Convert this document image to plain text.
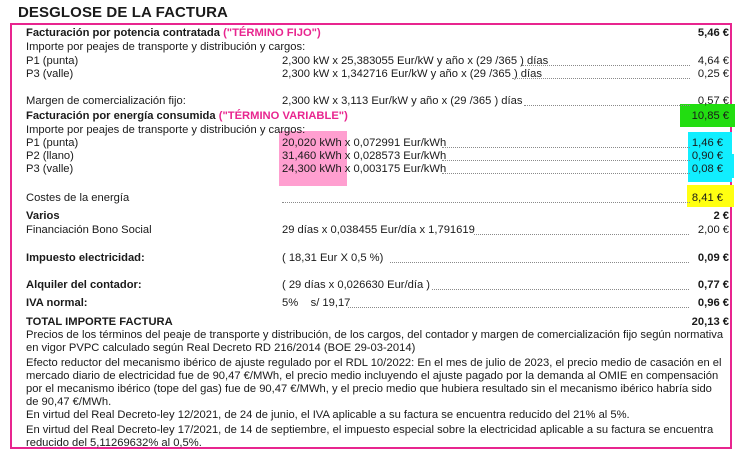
DESGLOSE DE LA FACTURA
Facturación por potencia contratada ("TÉRMINO FIJO")	5,46 €
Importe por peajes de transporte y distribución y cargos:
P1 (punta)	2,300 kW x 25,383055 Eur/kW y año x (29 /365 ) días	4,64 €
P3 (valle)	2,300 kW x 1,342716 Eur/kW y año x (29 /365 ) días	0,25 €
Margen de comercialización fijo:	2,300 kW x 3,113 Eur/kW y año x (29 /365 ) días	0,57 €
Facturación por energía consumida ("TÉRMINO VARIABLE")	10,85 €
Importe por peajes de transporte y distribución y cargos:
P1 (punta)	20,020 kWh x 0,072991 Eur/kWh	1,46 €
P2 (llano)	31,460 kWh x 0,028573 Eur/kWh	0,90 €
P3 (valle)	24,300 kWh x 0,003175 Eur/kWh	0,08 €
Costes de la energía	8,41 €
Varios	2 €
Financiación Bono Social	29 días x 0,038455 Eur/día x 1,791619	2,00 €
Impuesto electricidad:	( 18,31 Eur X 0,5 %)	0,09 €
Alquiler del contador:	( 29 días x 0,026630 Eur/día )	0,77 €
IVA normal:	5%    s/ 19,17	0,96 €
TOTAL IMPORTE FACTURA	20,13 €
Precios de los términos del peaje de transporte y distribución, de los cargos, del contador y margen de comercialización fijo según normativa en vigor PVPC calculado según Real Decreto RD 216/2014 (BOE 29-03-2014)
Efecto reductor del mecanismo ibérico de ajuste regulado por el RDL 10/2022: En el mes de julio de 2023, el precio medio de casación en el mercado diario de electricidad fue de 90,47 €/MWh, el precio medio incluyendo el ajuste pagado por la demanda al OMIE en compensación por el mecanismo ibérico (tope del gas) fue de 90,47 €/MWh, y el precio medio que hubiera resultado sin el mecanismo ibérico habría sido de 90,47 €/MWh.
En virtud del Real Decreto-ley 12/2021, de 24 de junio, el IVA aplicable a su factura se encuentra reducido del 21% al 5%.
En virtud del Real Decreto-ley 17/2021, de 14 de septiembre, el impuesto especial sobre la electricidad aplicable a su factura se encuentra reducido del 5,11269632% al 0,5%.
